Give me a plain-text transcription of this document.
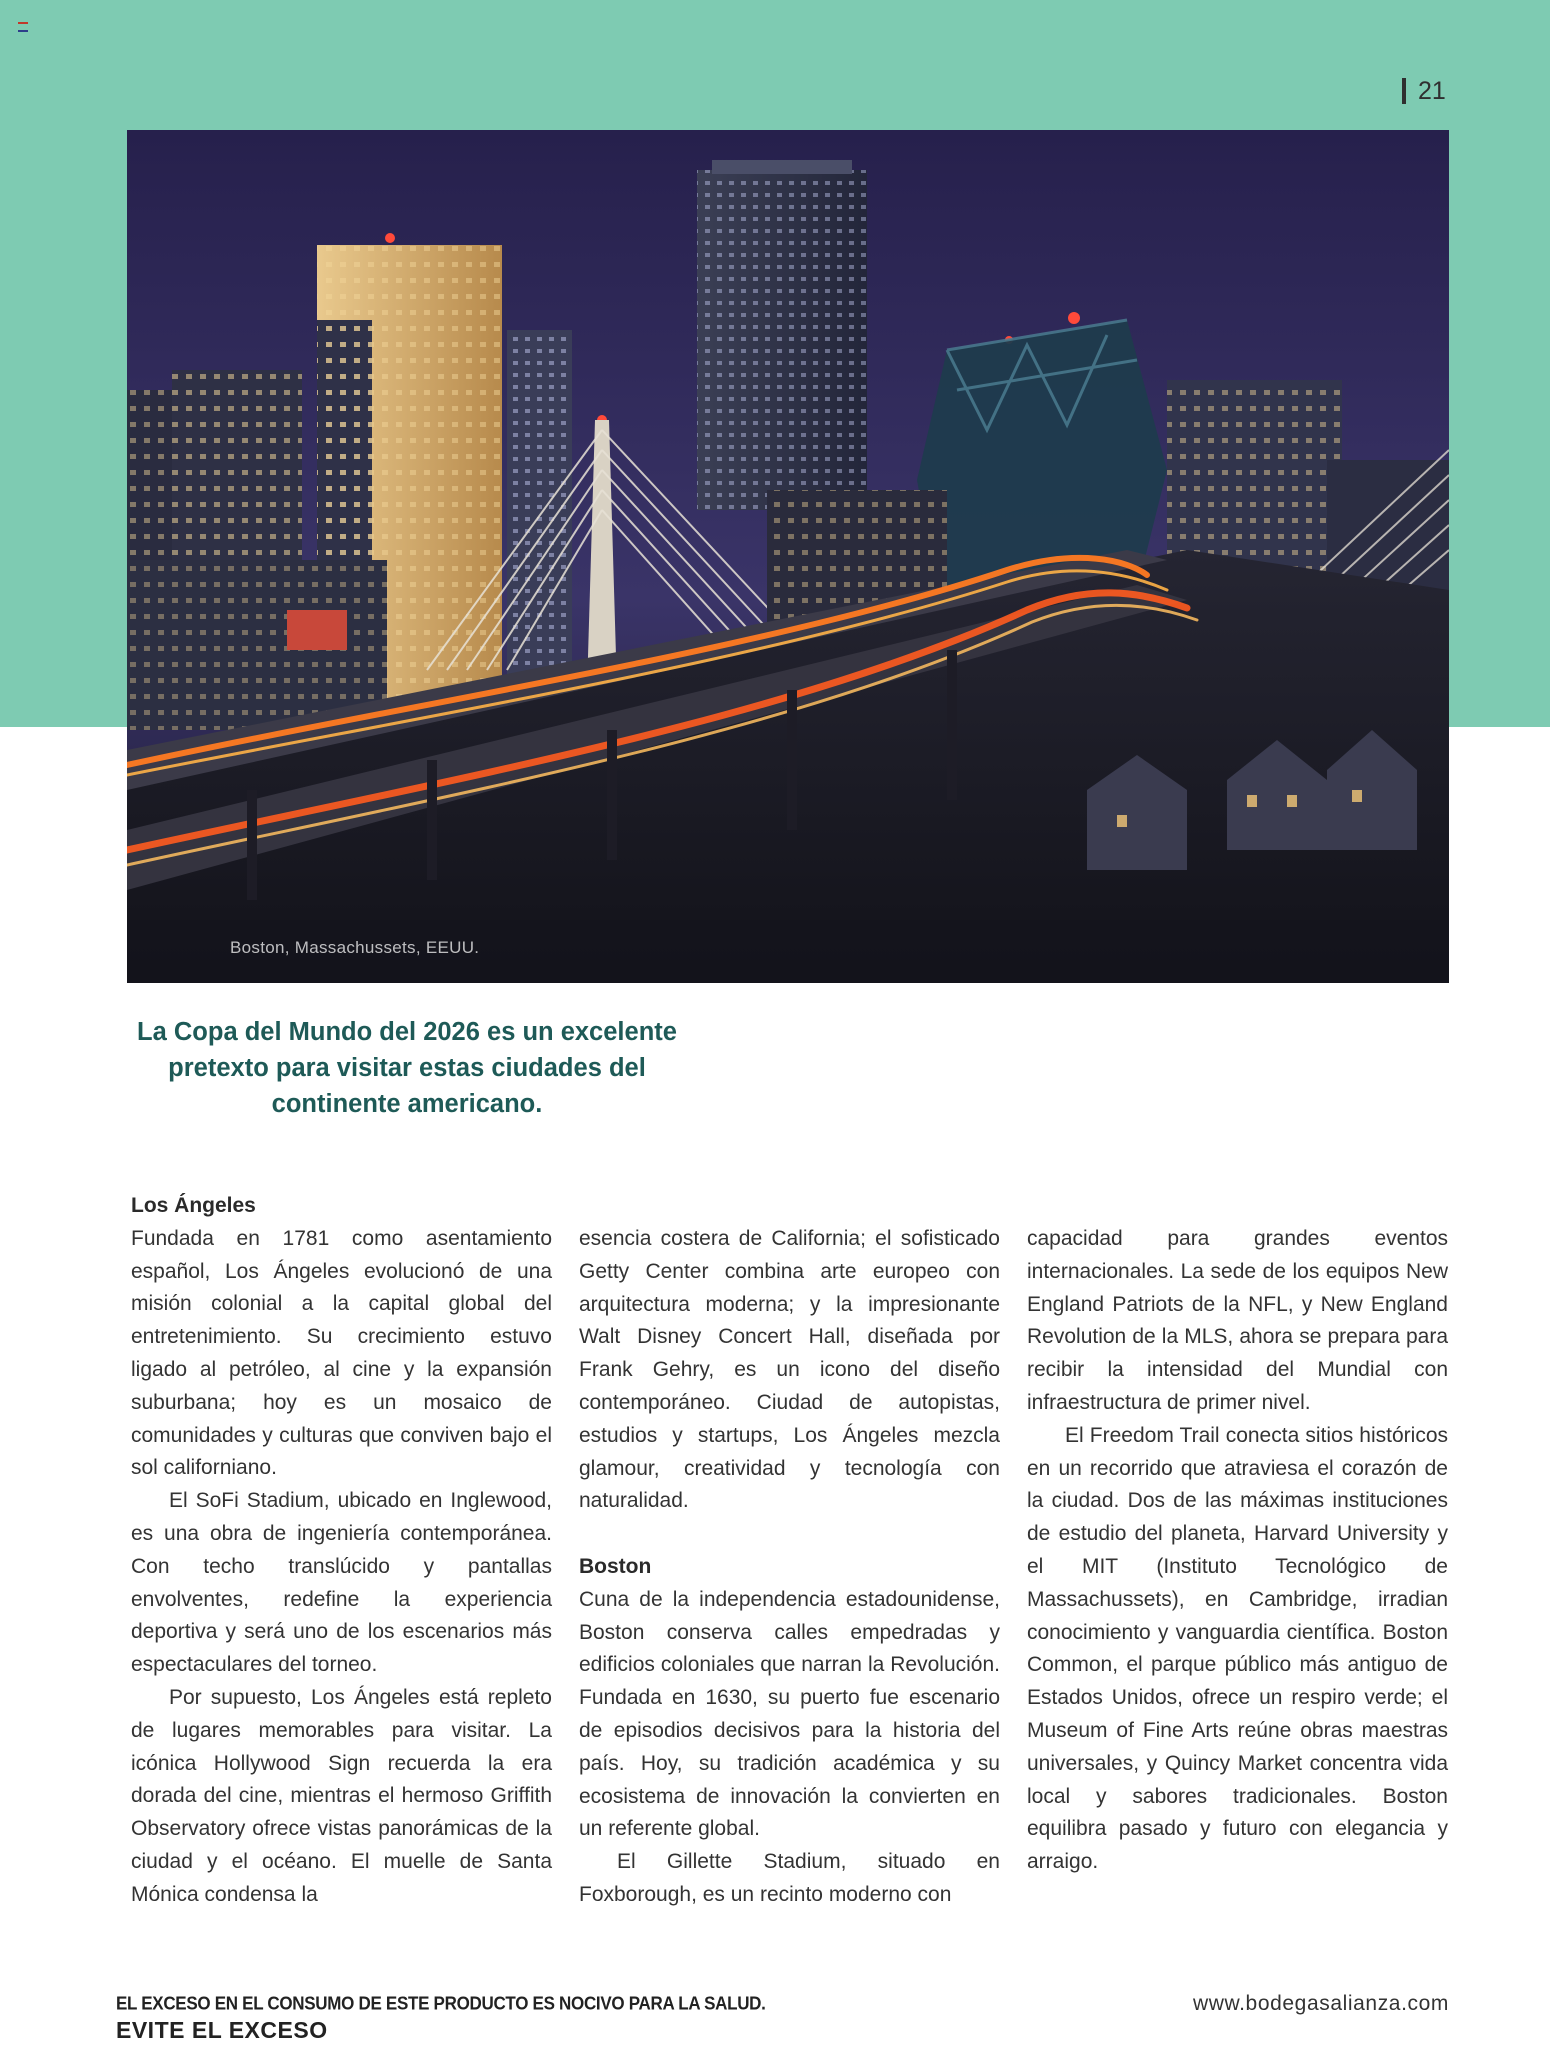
21
Boston, Massachussets, EEUU.
La Copa del Mundo del 2026 es un excelente
pretexto para visitar estas ciudades del
continente americano.
Los Ángeles

Fundada en 1781 como asentamiento español, Los Ángeles evolucionó de una misión colonial a la capital global del entretenimiento. Su crecimiento estuvo ligado al petróleo, al cine y la expansión suburbana; hoy es un mosaico de comunidades y culturas que conviven bajo el sol californiano.

El SoFi Stadium, ubicado en Inglewood, es una obra de ingeniería contemporánea. Con techo translúcido y pantallas envolventes, redefine la experiencia deportiva y será uno de los escenarios más espectaculares del torneo.

Por supuesto, Los Ángeles está repleto de lugares memorables para visitar. La icónica Hollywood Sign recuerda la era dorada del cine, mientras el hermoso Griffith Observatory ofrece vistas panorámicas de la ciudad y el océano. El muelle de Santa Mónica condensa la

esencia costera de California; el sofisticado Getty Center combina arte europeo con arquitectura moderna; y la impresionante Walt Disney Concert Hall, diseñada por Frank Gehry, es un icono del diseño contemporáneo. Ciudad de autopistas, estudios y startups, Los Ángeles mezcla glamour, creatividad y tecnología con naturalidad.

Boston

Cuna de la independencia estadounidense, Boston conserva calles empedradas y edificios coloniales que narran la Revolución. Fundada en 1630, su puerto fue escenario de episodios decisivos para la historia del país. Hoy, su tradición académica y su ecosistema de innovación la convierten en un referente global.

El Gillette Stadium, situado en Foxborough, es un recinto moderno con

capacidad para grandes eventos internacionales. La sede de los equipos New England Patriots de la NFL, y New England Revolution de la MLS, ahora se prepara para recibir la intensidad del Mundial con infraestructura de primer nivel.

El Freedom Trail conecta sitios históricos en un recorrido que atraviesa el corazón de la ciudad. Dos de las máximas instituciones de estudio del planeta, Harvard University y el MIT (Instituto Tecnológico de Massachussets), en Cambridge, irradian conocimiento y vanguardia científica. Boston Common, el parque público más antiguo de Estados Unidos, ofrece un respiro verde; el Museum of Fine Arts reúne obras maestras universales, y Quincy Market concentra vida local y sabores tradicionales. Boston equilibra pasado y futuro con elegancia y arraigo.

EL EXCESO EN EL CONSUMO DE ESTE PRODUCTO ES NOCIVO PARA LA SALUD.
EVITE EL EXCESO
www.bodegasalianza.com
